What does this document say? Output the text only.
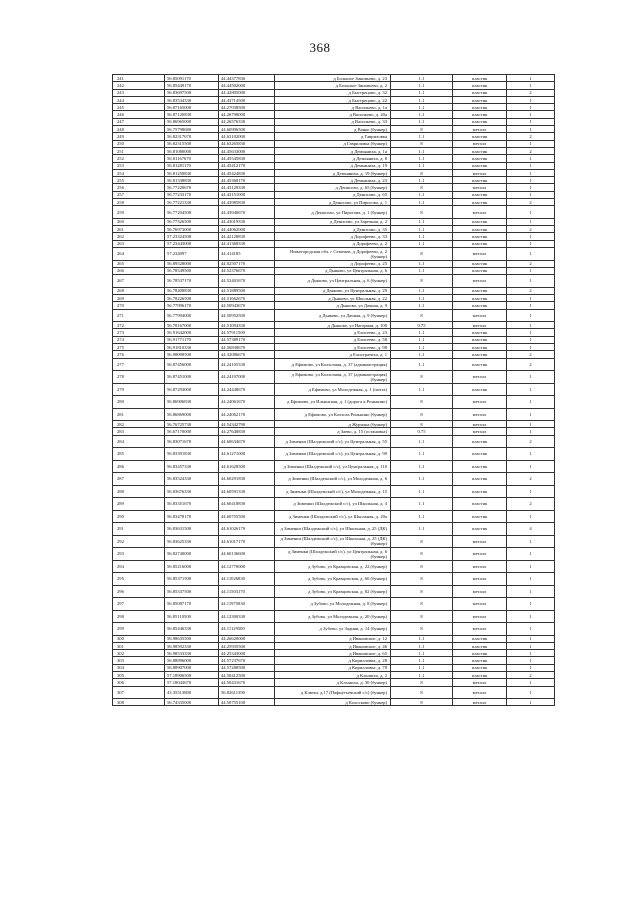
368
241	56.85091170	44.44377830	д Большое Зиновьево, д. 23	1.1	пластик	1
242	56.85449170	44.44502000	д Большое Зиновьево, д. 2	1.1	пластик	1
243	56.83697500	44.42805000	д Быстрецово, д. 32	1.1	пластик	2
244	56.83534330	44.43714500	д Быстрецово, д. 22	1.1	пластик	1
245	56.87165000	44.27038500	д Васильево, д. 1а	1.1	пластик	1
246	56.87120830	44.26798000	д Васильево, д. 20а	1.1	пластик	1
247	56.86965000	44.26576330	д Васильево, д. 33	1.1	пластик	1
248	56.75798680	44.60996500	д Ванко (бункер)	8	металл	1
249	56.82317670	44.63102000	д Гавриловка	1.1	пластик	2
250	56.82315500	44.63265830	д Гавриловка (бункер)	8	металл	1
251	56.81080000	44.45633000	д Демьяниха, д. 1а	1.1	пластик	2
252	56.81167670	44.45545830	д Демьяниха, д. 8	1.1	пластик	1
253	56.81281170	44.45412170	д Демьяниха, д. 19	1.1	пластик	1
254	56.81250830	44.45424830	д Демьяниха, д. 19 (бункер)	8	металл	1
255	56.81338830	44.45368170	д Демьяниха, д. 23	1.1	пластик	1
256	56.77220670	44.43129330	д Денисово, д. 65 (бункер)	8	металл	1
257	56.77233170	44.43151000	д Денисово, д. 65	1.1	пластик	1
258	56.77221330	44.43985830	д Денисово, ул Пирогова, д. 1	1.1	пластик	2
259	56.77204500	44.43940670	д Денисово, ул Пирогова, д. 1 (бункер)	8	металл	1
260	56.77326500	44.43019330	д Денисово, ул Заречная, д. 2	1.1	пластик	1
261	56.76973000	44.44062000	д Денисово, д. 35	1.1	пластик	2
262	57.23324500	44.42128830	д Дорофеево, д. 33	1.1	пластик	1
263	57.23443000	44.41368330	д Дорофеево, д. 2	1.1	пластик	1
264	57.234097	44.414185	Нижегородская обл, г Семенов, д Дорофеево, д. 2 (бункер)	8	металл	1
265	56.89528000	44.02507170	д Дорофеево, д. 25	1.1	пластик	2
266	56.78549500	44.52376670	д Дьяково, ул Центральная, д. 6	1.1	пластик	1
267	56.78537170	44.52401670	д Дьяково, ул Центральная, д. 6 (бункер)	8	металл	1
268	56.78408830	44.51889500	д Дьяково, ул Центральная, д. 29	1.1	пластик	2
269	56.78226500	44.51662670	д Дьяково, ул Школьная, д. 22	1.1	пластик	1
270	56.77996170	44.50943670	д Дьяково, ул Дачная, д. 9	1.1	пластик	1
271	56.77994000	44.50952500	д Дьяково, ул Дачная, д. 9 (бункер)	8	металл	1
272	56.78167000	44.51094330	д Дьяково, ул Нагорная, д. 100	0.75	металл	1
273	56.91642000	44.57911500	д Елисеево, д. 23	1.1	пластик	1
274	56.91771170	44.57389170	д Елисеево, д. 58	1.1	пластик	1
275	56.91810330	44.56830670	д Елисеево, д. 98	1.1	пластик	1
276	56.98098500	44.32086670	д Елистратиха, д. 1	1.1	пластик	2
277	56.87456000	44.24105330	д Ефимово, ул Колхозная, д. 37 (администрация)	1.1	пластик	2
278	56.87451000	44.24107000	д Ефимово, ул Колхозная, д. 37 (администрация) (бункер)	8	металл	1
279	56.87293000	44.24448670	д Ефимово, ул Молодежная, д. 1 (почта)	1.1	пластик	1
280	56.86906830	44.24061670	д Ефимово, ул Ильинская, д. 1 (дорога к Ронькино)	8	металл	1
281	56.86869000	44.24062170	д Ефимово, ул Колхоза Ронькино (бункер)	8	металл	1
282	56.76725730	44.54342790	д Журилка (бункер)	8	металл	1
283	56.67170000	44.27640830	д Заево, д. 15 (остановка)	0.75	металл	1
284	56.83071670	44.60634670	д Зименки (Шалдежский с/с), ул Центральная, д. 55	1.1	пластик	2
285	56.83391830	44.61271000	д Зименки (Шалдежский с/с), ул Центральная, д. 90	1.1	пластик	1
286	56.83457330	44.61628500	д Зименки (Шалдежский с/с), ул Центральная, д. 110	1.1	пластик	1
287	56.83524330	44.60291830	д Зименки (Шалдежский с/с), ул Молодежная, д. 6	1.1	пластик	2
288	56.83676330	44.60591330	д Зименки (Шалдежский с/с), ул Молодежная, д. 15	1.1	пластик	1
289	56.83351670	44.60418830	д Зименки (Шалдежский с/с), ул Школьная, д. 4	1.1	пластик	2
290	56.83478170	44.60755500	д Зименки (Шалдежский с/с), ул Школьная, д. 20а	1.1	пластик	1
291	56.83631500	44.61026170	д Зименки (Шалдежский с/с), ул Школьная, д. 25 (ДК)	1.1	пластик	4
292	56.83625330	44.61017170	д Зименки (Шалдежский с/с), ул Школьная, д. 25 (ДК) (бункер)	8	металл	1
293	56.82740000	44.60136600	д Зименки (Шалдежский с/с), ул Центральная, д. 6 (бункер)	8	металл	1
294	56.85216000	44.12770000	д Зубово, ул Кравцовская, д. 22 (бункер)	8	металл	1
295	56.85371500	44.11026830	д Зубово, ул Кравцовская, д. 66 (бункер)	8	металл	1
296	56.85337500	44.11503170	д Зубово, ул Кравцовская, д. 82 (бункер)	8	металл	1
297	56.85087170	44.11975830	д Зубово, ул Молодежная, д. 8 (бункер)	8	металл	1
298	56.85110500	44.12300330	д Зубово, ул Молодежная, д. 20 (бункер)	8	металл	1
299	56.85446330	44.11129500	д Зубово, ул Задняя, д. 14 (бункер)	8	металл	1
300	56.98635500	44.26620000	д Ивановское, д. 12	1.1	пластик	1
301	56.98592330	44.25935500	д Ивановское, д. 46	1.1	пластик	1
302	56.98533330	44.25343000	д Ивановское, д. 65	1.1	пластик	1
303	56.88896000	44.57237670	д Кирилловка, д. 28	1.1	пластик	1
304	56.88907000	44.57288500	д Кирилловка, д. 78	1.1	пластик	1
305	57.18906500	44.50412500	д Кльшиха, д. 2	1.1	пластик	2
306	57.18043670	44.50431670	д Кльшиха, д. 30 (бункер)	8	металл	1
307	43.35513800	56.82611390	д Ключи, д.17 (Пафнутьевский с/с) (бункер)	8	металл	1
308	56.74335000	44.50755100	д Колосково (бункер)	8	металл	1
